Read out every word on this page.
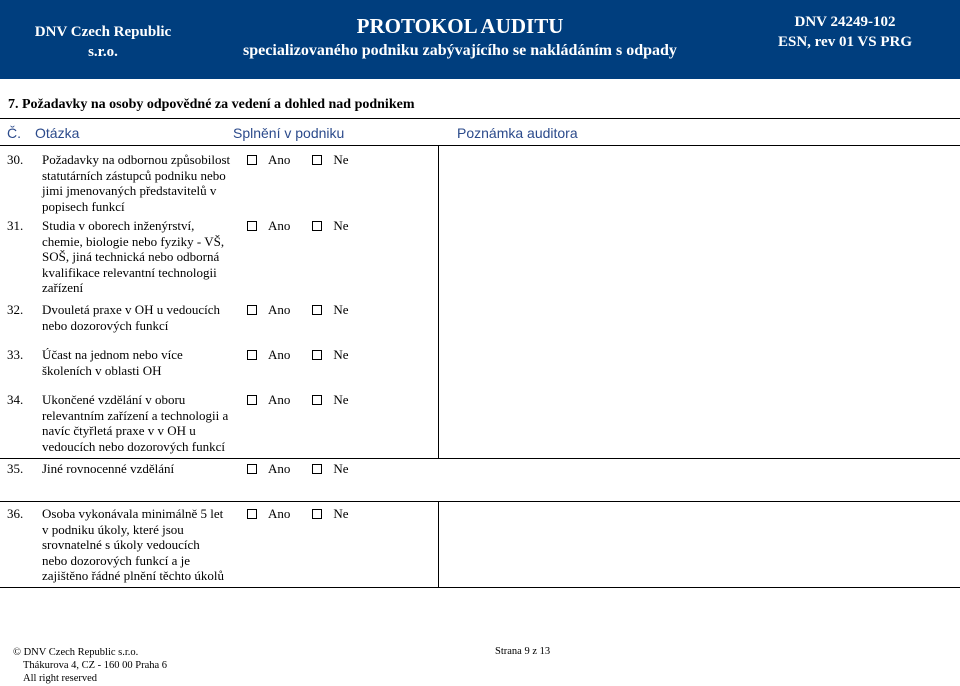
DNV Czech Republic
s.r.o.
PROTOKOL AUDITU
specializovaného podniku zabývajícího se nakládáním s odpady
DNV 24249-102
ESN, rev 01 VS PRG
7. Požadavky na osoby odpovědné za vedení a dohled nad podnikem
Č. Otázka	Splnění v podniku	Poznámka auditora
30. Požadavky na odbornou způsobilost statutárních zástupců podniku nebo jimi jmenovaných představitelů v popisech funkcí
Ano	Ne
31. Studia v oborech inženýrství, chemie, biologie nebo fyziky - VŠ, SOŠ, jiná technická nebo odborná kvalifikace relevantní technologii zařízení
Ano	Ne
32. Dvouletá praxe v OH u vedoucích nebo dozorových funkcí
Ano	Ne
33. Účast na jednom nebo více školeních v oblasti OH
Ano	Ne
34. Ukončené vzdělání v oboru relevantním zařízení a technologii a navíc čtyřletá praxe v v OH u vedoucích nebo dozorových funkcí
Ano	Ne
35. Jiné rovnocenné vzdělání	Ano	Ne
36. Osoba vykonávala minimálně 5 let v podniku úkoly, které jsou srovnatelné s úkoly vedoucích nebo dozorových funkcí a je zajištěno řádné plnění těchto úkolů
Ano	Ne
© DNV Czech Republic s.r.o.
Thákurova 4, CZ - 160 00 Praha 6
All right reserved
Strana 9 z 13
